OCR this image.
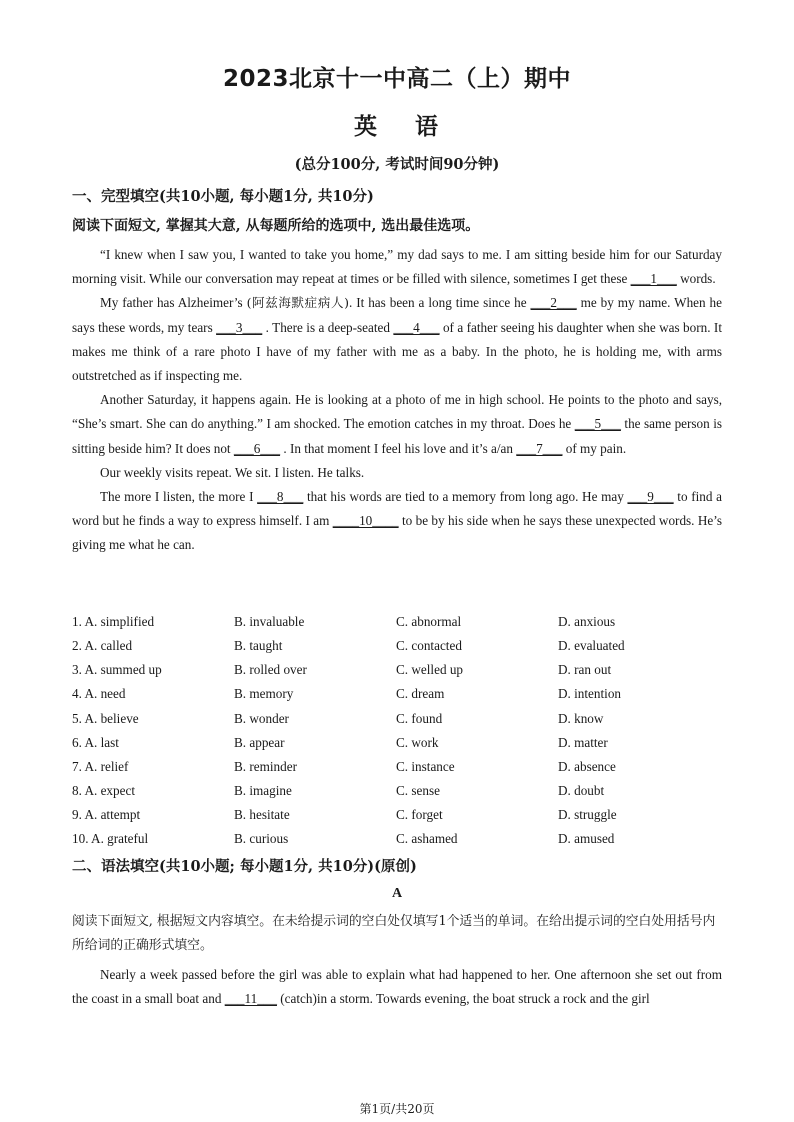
2023北京十一中高二（上）期中
英 语
(总分100分, 考试时间90分钟)
一、完型填空(共10小题, 每小题1分, 共10分)
阅读下面短文, 掌握其大意, 从每题所给的选项中, 选出最佳选项。

“I knew when I saw you, I wanted to take you home,” my dad says to me. I am sitting beside him for our Saturday morning visit. While our conversation may repeat at times or be filled with silence, sometimes I get these ___1___ words.

My father has Alzheimer’s (阿兹海默症病人). It has been a long time since he ___2___ me by my name. When he says these words, my tears ___3___ . There is a deep-seated ___4___ of a father seeing his daughter when she was born. It makes me think of a rare photo I have of my father with me as a baby. In the photo, he is holding me, with arms outstretched as if inspecting me.

Another Saturday, it happens again. He is looking at a photo of me in high school. He points to the photo and says, “She’s smart. She can do anything.” I am shocked. The emotion catches in my throat. Does he ___5___ the same person is sitting beside him? It does not ___6___ . In that moment I feel his love and it’s a/an ___7___ of my pain.

Our weekly visits repeat. We sit. I listen. He talks.

The more I listen, the more I ___8___ that his words are tied to a memory from long ago. He may ___9___ to find a word but he finds a way to express himself. I am ____10____ to be by his side when he says these unexpected words. He’s giving me what he can.

1. A. simplified	B. invaluable	C. abnormal	D. anxious
2. A. called	B. taught	C. contacted	D. evaluated
3. A. summed up	B. rolled over	C. welled up	D. ran out
4. A. need	B. memory	C. dream	D. intention
5. A. believe	B. wonder	C. found	D. know
6. A. last	B. appear	C. work	D. matter
7. A. relief	B. reminder	C. instance	D. absence
8. A. expect	B. imagine	C. sense	D. doubt
9. A. attempt	B. hesitate	C. forget	D. struggle
10. A. grateful	B. curious	C. ashamed	D. amused
二、语法填空(共10小题; 每小题1分, 共10分)(原创)
A
阅读下面短文, 根据短文内容填空。在未给提示词的空白处仅填写1个适当的单词。在给出提示词的空白处用括号内所给词的正确形式填空。

Nearly a week passed before the girl was able to explain what had happened to her. One afternoon she set out from the coast in a small boat and ___11___ (catch)in a storm. Towards evening, the boat struck a rock and the girl

第1页/共20页
